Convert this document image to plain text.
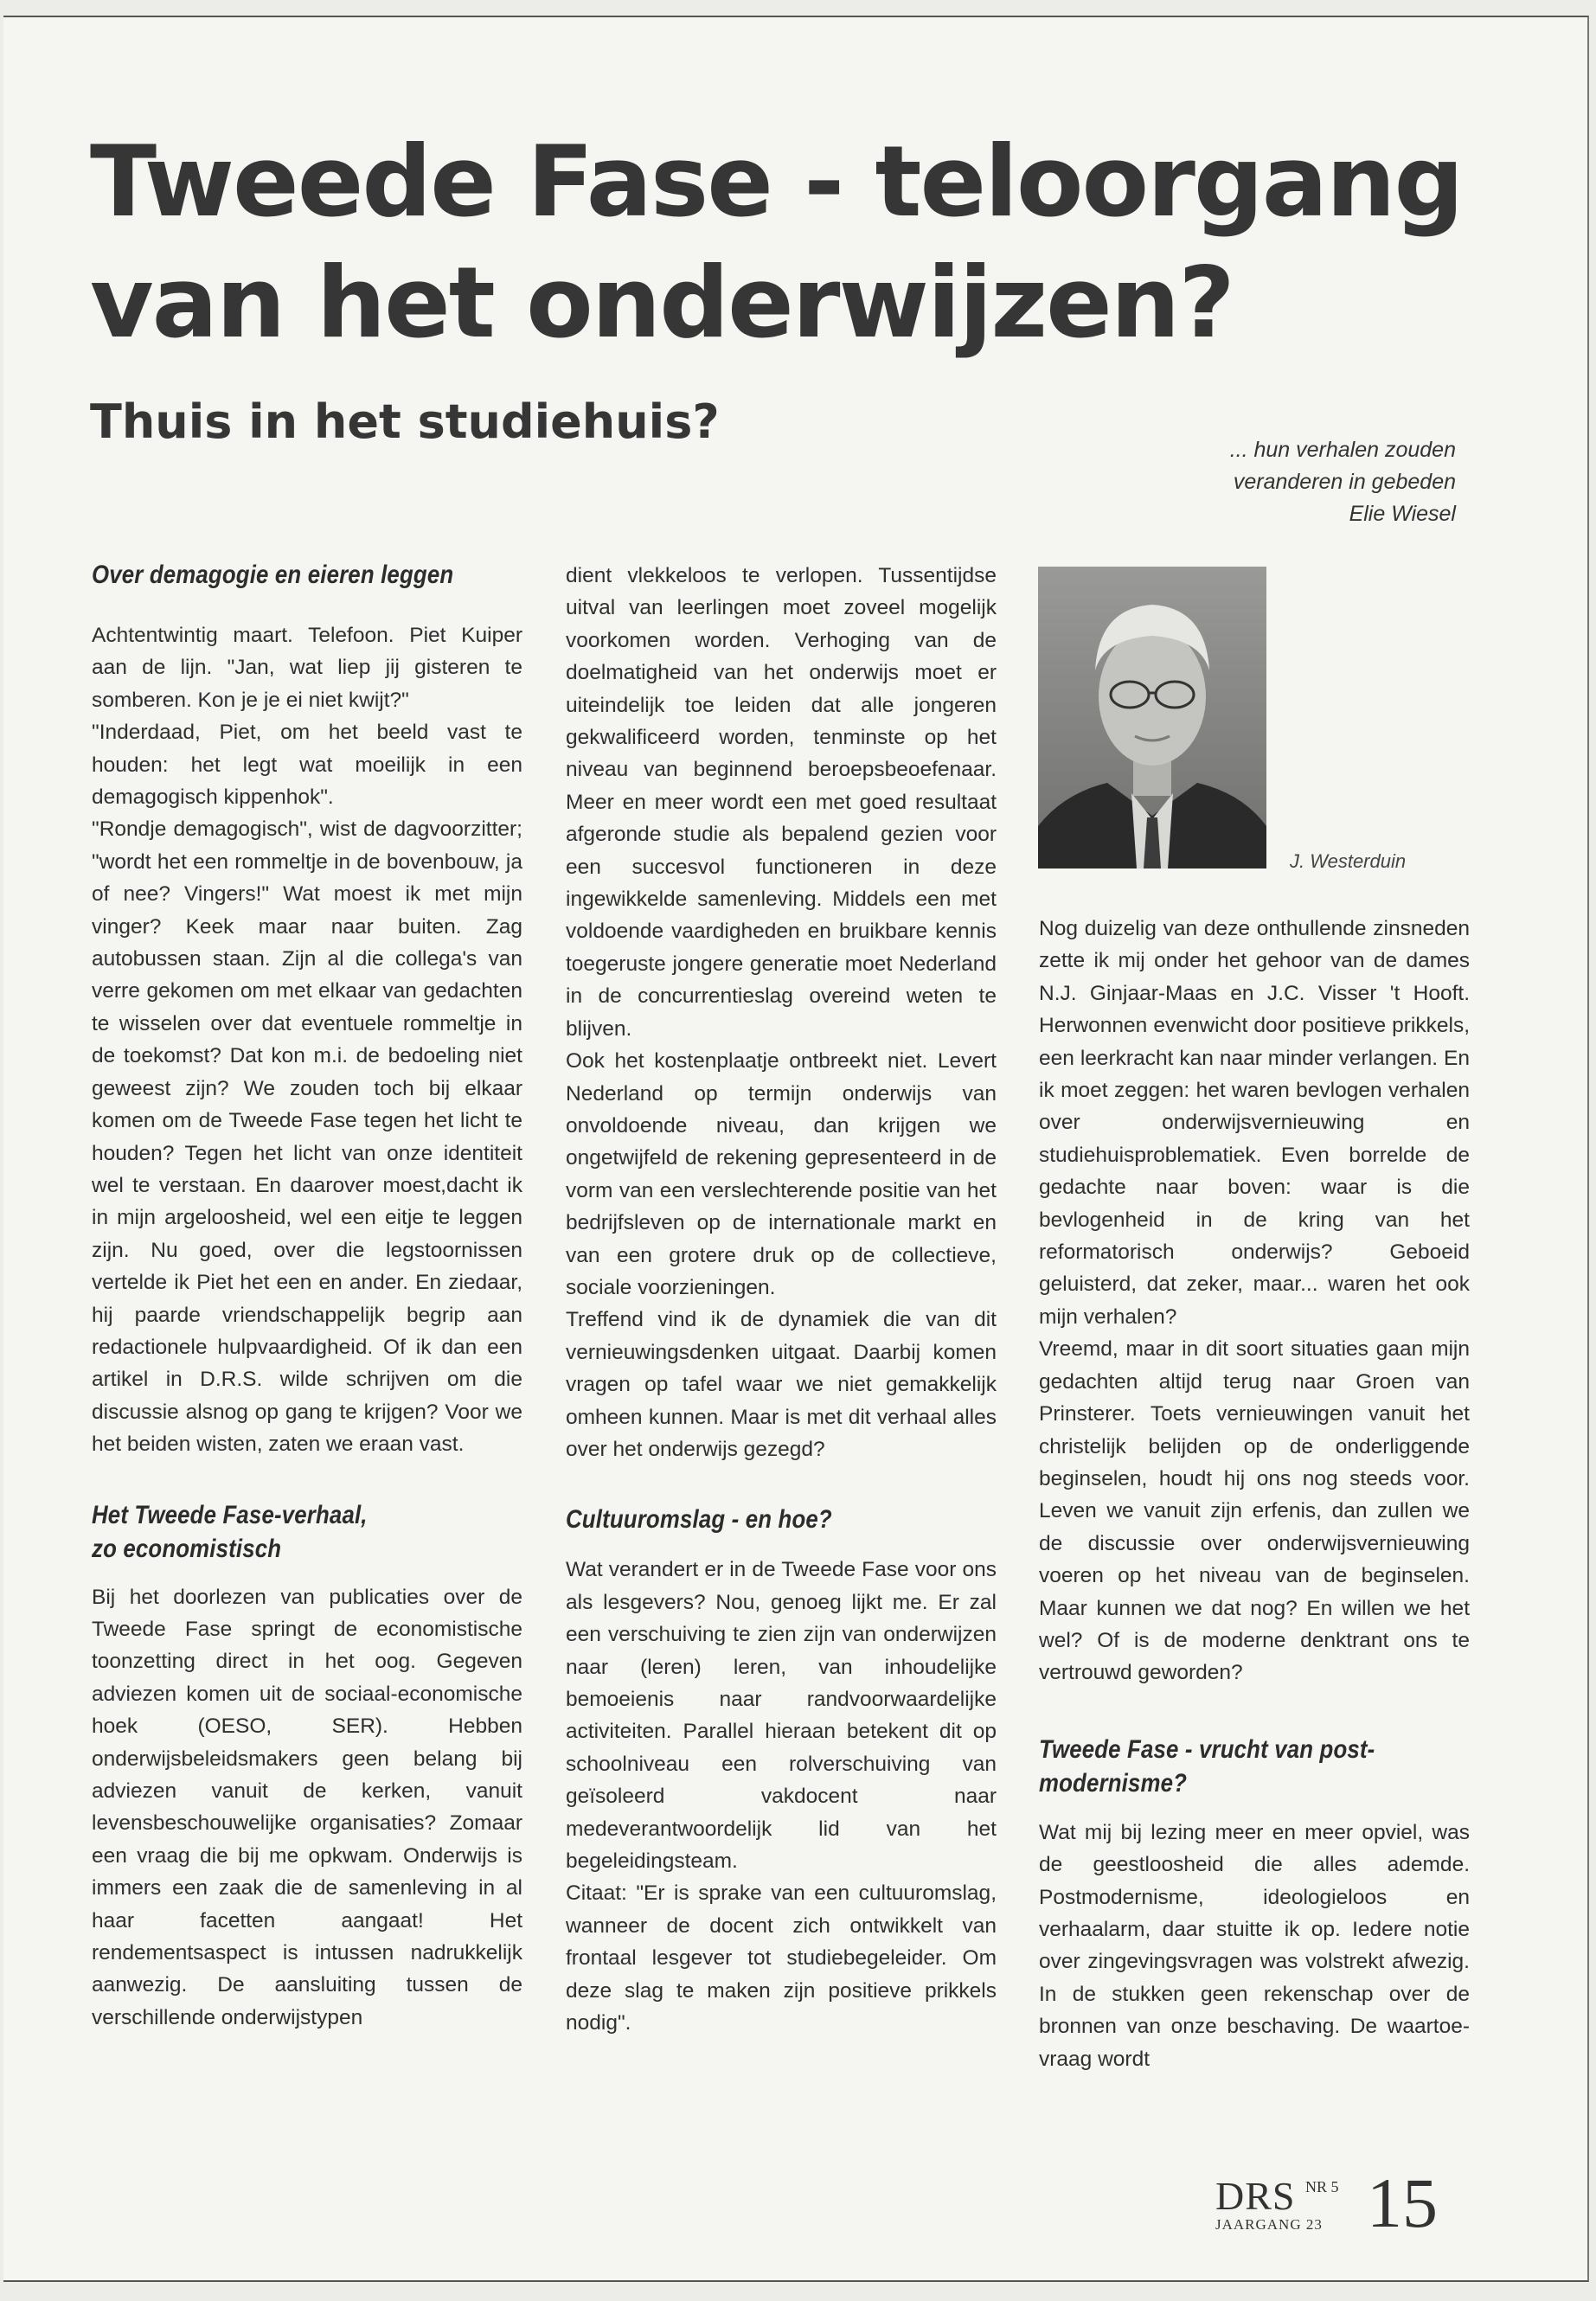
Tweede Fase - teloorgang
van het onderwijzen?
Thuis in het studiehuis?
... hun verhalen zouden
veranderen in gebeden
Elie Wiesel
Over demagogie en eieren leggen

Achtentwintig maart. Telefoon. Piet Kuiper aan de lijn. "Jan, wat liep jij gisteren te somberen. Kon je je ei niet kwijt?"

"Inderdaad, Piet, om het beeld vast te houden: het legt wat moeilijk in een demagogisch kippenhok".

"Rondje demagogisch", wist de dagvoorzitter; "wordt het een rommeltje in de bovenbouw, ja of nee? Vingers!" Wat moest ik met mijn vinger? Keek maar naar buiten. Zag autobussen staan. Zijn al die collega's van verre gekomen om met elkaar van gedachten te wisselen over dat eventuele rommeltje in de toekomst? Dat kon m.i. de bedoeling niet geweest zijn? We zouden toch bij elkaar komen om de Tweede Fase tegen het licht te houden? Tegen het licht van onze identiteit wel te verstaan. En daarover moest,dacht ik in mijn argeloosheid, wel een eitje te leggen zijn. Nu goed, over die legstoornissen vertelde ik Piet het een en ander. En ziedaar, hij paarde vriendschappelijk begrip aan redactionele hulpvaardigheid. Of ik dan een artikel in D.R.S. wilde schrijven om die discussie alsnog op gang te krijgen? Voor we het beiden wisten, zaten we eraan vast.

Het Tweede Fase-verhaal,
zo economistisch

Bij het doorlezen van publicaties over de Tweede Fase springt de economistische toonzetting direct in het oog. Gegeven adviezen komen uit de sociaal-economische hoek (OESO, SER). Hebben onderwijsbeleidsmakers geen belang bij adviezen vanuit de kerken, vanuit levensbeschouwelijke organisaties? Zomaar een vraag die bij me opkwam. Onderwijs is immers een zaak die de samenleving in al haar facetten aangaat! Het rendementsaspect is intussen nadrukkelijk aanwezig. De aansluiting tussen de verschillende onderwijstypen

dient vlekkeloos te verlopen. Tussentijdse uitval van leerlingen moet zoveel mogelijk voorkomen worden. Verhoging van de doelmatigheid van het onderwijs moet er uiteindelijk toe leiden dat alle jongeren gekwalificeerd worden, tenminste op het niveau van beginnend beroepsbeoefenaar. Meer en meer wordt een met goed resultaat afgeronde studie als bepalend gezien voor een succesvol functioneren in deze ingewikkelde samenleving. Middels een met voldoende vaardigheden en bruikbare kennis toegeruste jongere generatie moet Nederland in de concurrentieslag overeind weten te blijven.

Ook het kostenplaatje ontbreekt niet. Levert Nederland op termijn onderwijs van onvoldoende niveau, dan krijgen we ongetwijfeld de rekening gepresenteerd in de vorm van een verslechterende positie van het bedrijfsleven op de internationale markt en van een grotere druk op de collectieve, sociale voorzieningen.

Treffend vind ik de dynamiek die van dit vernieuwingsdenken uitgaat. Daarbij komen vragen op tafel waar we niet gemakkelijk omheen kunnen. Maar is met dit verhaal alles over het onderwijs gezegd?

Cultuuromslag - en hoe?

Wat verandert er in de Tweede Fase voor ons als lesgevers? Nou, genoeg lijkt me. Er zal een verschuiving te zien zijn van onderwijzen naar (leren) leren, van inhoudelijke bemoeienis naar randvoorwaardelijke activiteiten. Parallel hieraan betekent dit op schoolniveau een rolverschuiving van geïsoleerd vakdocent naar medeverantwoordelijk lid van het begeleidingsteam.

Citaat: "Er is sprake van een cultuuromslag, wanneer de docent zich ontwikkelt van frontaal lesgever tot studiebegeleider. Om deze slag te maken zijn positieve prikkels nodig".

J. Westerduin

Nog duizelig van deze onthullende zinsneden zette ik mij onder het gehoor van de dames N.J. Ginjaar-Maas en J.C. Visser 't Hooft. Herwonnen evenwicht door positieve prikkels, een leerkracht kan naar minder verlangen. En ik moet zeggen: het waren bevlogen verhalen over onderwijsvernieuwing en studiehuisproblematiek. Even borrelde de gedachte naar boven: waar is die bevlogenheid in de kring van het reformatorisch onderwijs? Geboeid geluisterd, dat zeker, maar... waren het ook mijn verhalen?

Vreemd, maar in dit soort situaties gaan mijn gedachten altijd terug naar Groen van Prinsterer. Toets vernieuwingen vanuit het christelijk belijden op de onderliggende beginselen, houdt hij ons nog steeds voor. Leven we vanuit zijn erfenis, dan zullen we de discussie over onderwijsvernieuwing voeren op het niveau van de beginselen. Maar kunnen we dat nog? En willen we het wel? Of is de moderne denktrant ons te vertrouwd geworden?

Tweede Fase - vrucht van post-
modernisme?

Wat mij bij lezing meer en meer opviel, was de geestloosheid die alles ademde. Postmodernisme, ideologieloos en verhaalarm, daar stuitte ik op. Iedere notie over zingevingsvragen was volstrekt afwezig. In de stukken geen rekenschap over de bronnen van onze beschaving. De waartoe-vraag wordt

DRS NR 5
JAARGANG 23 15
